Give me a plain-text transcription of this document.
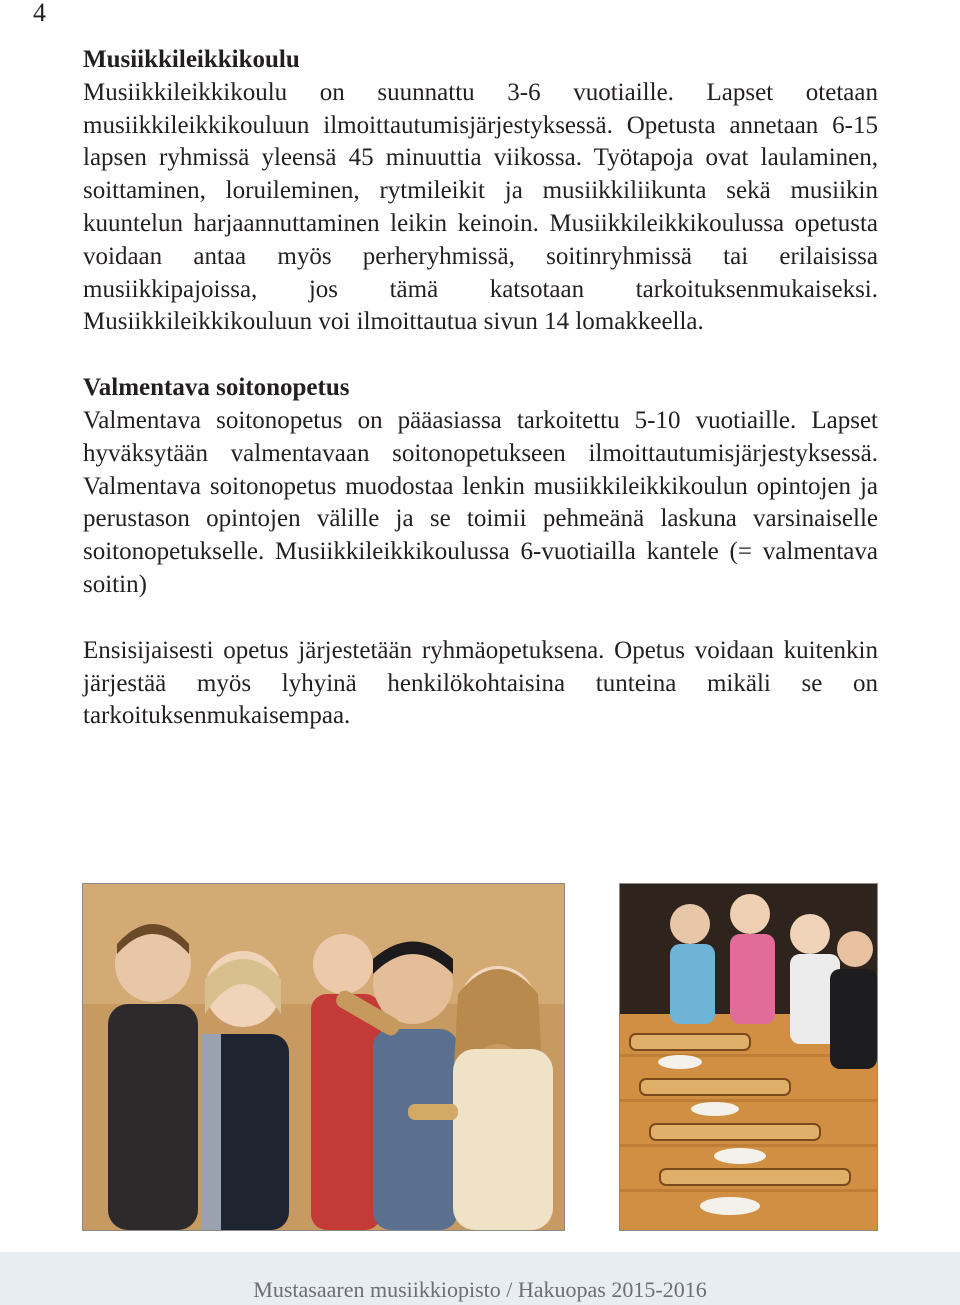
4

Musiikkileikkikoulu

Musiikkileikkikoulu on suunnattu 3-6 vuotiaille. Lapset otetaan musiikkileikkikouluun ilmoittautumisjärjestyksessä. Opetusta annetaan 6-15 lapsen ryhmissä yleensä 45 minuuttia viikossa. Työtapoja ovat laulaminen, soittaminen, loruileminen, rytmileikit ja musiikkiliikunta sekä musiikin kuuntelun harjaannuttaminen leikin keinoin. Musiikkileikkikoulussa opetusta voidaan antaa myös perheryhmissä, soitinryhmissä tai erilaisissa musiikkipajoissa, jos tämä katsotaan tarkoituksenmukaiseksi. Musiikkileikkikouluun voi ilmoittautua sivun 14 lomakkeella.

Valmentava soitonopetus

Valmentava soitonopetus on pääasiassa tarkoitettu 5-10 vuotiaille. Lapset hyväksytään valmentavaan soitonopetukseen ilmoittautumisjärjestyksessä. Valmentava soitonopetus muodostaa lenkin musiikkileikkikoulun opintojen ja perustason opintojen välille ja se toimii pehmeänä laskuna varsinaiselle soitonopetukselle. Musiikkileikkikoulussa 6-vuotiailla kantele (= valmentava soitin)

Ensisijaisesti opetus järjestetään ryhmäopetuksena. Opetus voidaan kuitenkin järjestää myös lyhyinä henkilökohtaisina tunteina mikäli se on tarkoituksenmukaisempaa.

Mustasaaren musiikkiopisto / Hakuopas 2015-2016
